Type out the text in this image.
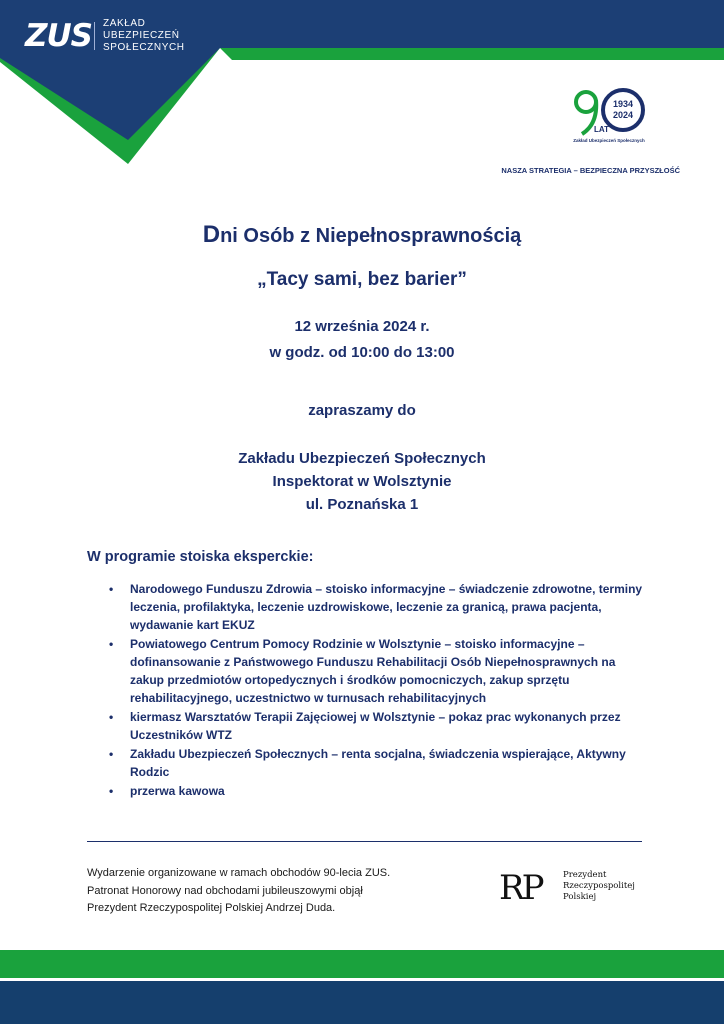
ZUS ZAKŁAD
UBEZPIECZEŃ
SPOŁECZNYCH
1934
2024
LAT
Zakład Ubezpieczeń Społecznych
NASZA STRATEGIA – BEZPIECZNA PRZYSZŁOŚĆ
Dni Osób z Niepełnosprawnością
„Tacy sami, bez barier”
12 września 2024 r.
w godz. od 10:00 do 13:00
zapraszamy do
Zakładu Ubezpieczeń Społecznych
Inspektorat w Wolsztynie
ul. Poznańska 1
W programie stoiska eksperckie:
• Narodowego Funduszu Zdrowia – stoisko informacyjne – świadczenie zdrowotne, terminy leczenia, profilaktyka, leczenie uzdrowiskowe, leczenie za granicą, prawa pacjenta, wydawanie kart EKUZ
• Powiatowego Centrum Pomocy Rodzinie w Wolsztynie – stoisko informacyjne – dofinansowanie z Państwowego Funduszu Rehabilitacji Osób Niepełnosprawnych na zakup przedmiotów ortopedycznych i środków pomocniczych, zakup sprzętu rehabilitacyjnego, uczestnictwo w turnusach rehabilitacyjnych
• kiermasz Warsztatów Terapii Zajęciowej w Wolsztynie – pokaz prac wykonanych przez Uczestników WTZ
• Zakładu Ubezpieczeń Społecznych – renta socjalna, świadczenia wspierające, Aktywny Rodzic
• przerwa kawowa
Wydarzenie organizowane w ramach obchodów 90-lecia ZUS.
Patronat Honorowy nad obchodami jubileuszowymi objął
Prezydent Rzeczypospolitej Polskiej Andrzej Duda.	RP	Prezydent
Rzeczypospolitej
Polskiej
